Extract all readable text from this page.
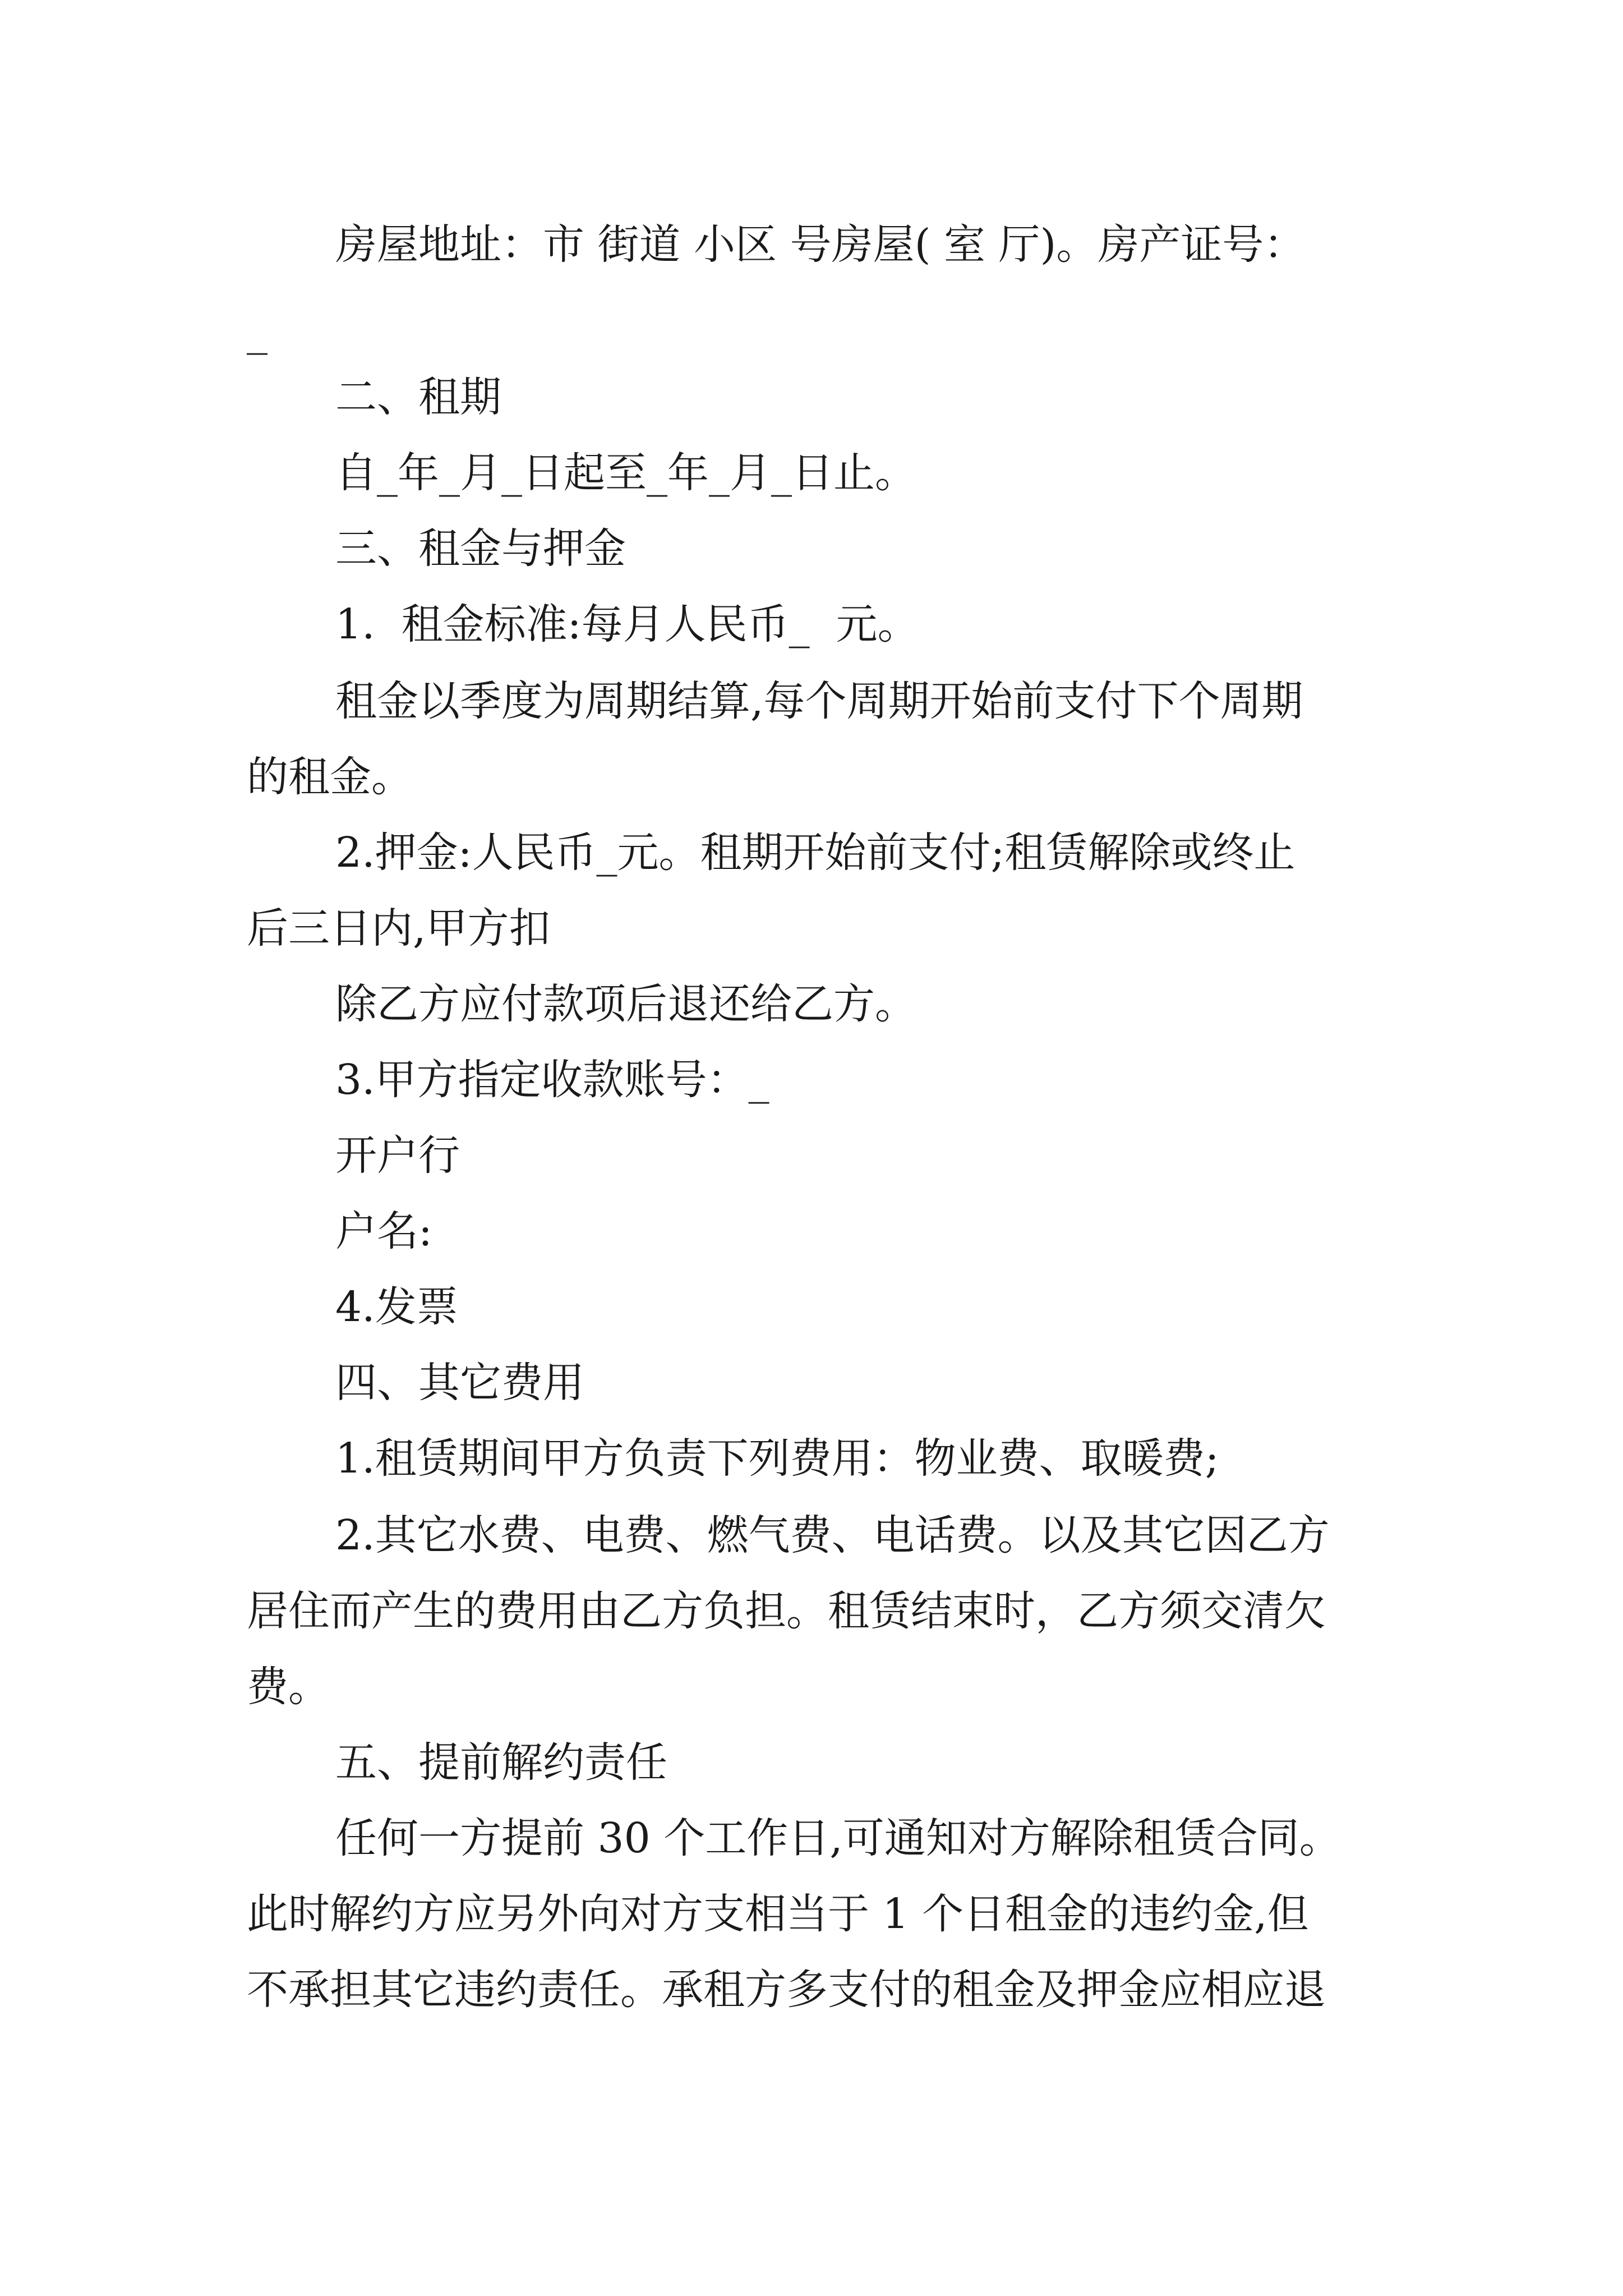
房屋地址：市 街道 小区 号房屋( 室 厅)。房产证号：
_
二、租期
自_年_月_日起至_年_月_日止。
三、租金与押金
1.  租金标准:每月人民币_  元。
租金以季度为周期结算,每个周期开始前支付下个周期
的租金。
2.押金:人民币_元。租期开始前支付;租赁解除或终止
后三日内,甲方扣
除乙方应付款项后退还给乙方。
3.甲方指定收款账号：_
开户行
户名:
4.发票
四、其它费用
1.租赁期间甲方负责下列费用：物业费、取暖费;
2.其它水费、电费、燃气费、电话费。以及其它因乙方
居住而产生的费用由乙方负担。租赁结束时，乙方须交清欠
费。
五、提前解约责任
任何一方提前 30 个工作日,可通知对方解除租赁合同。
此时解约方应另外向对方支相当于 1 个日租金的违约金,但
不承担其它违约责任。承租方多支付的租金及押金应相应退
